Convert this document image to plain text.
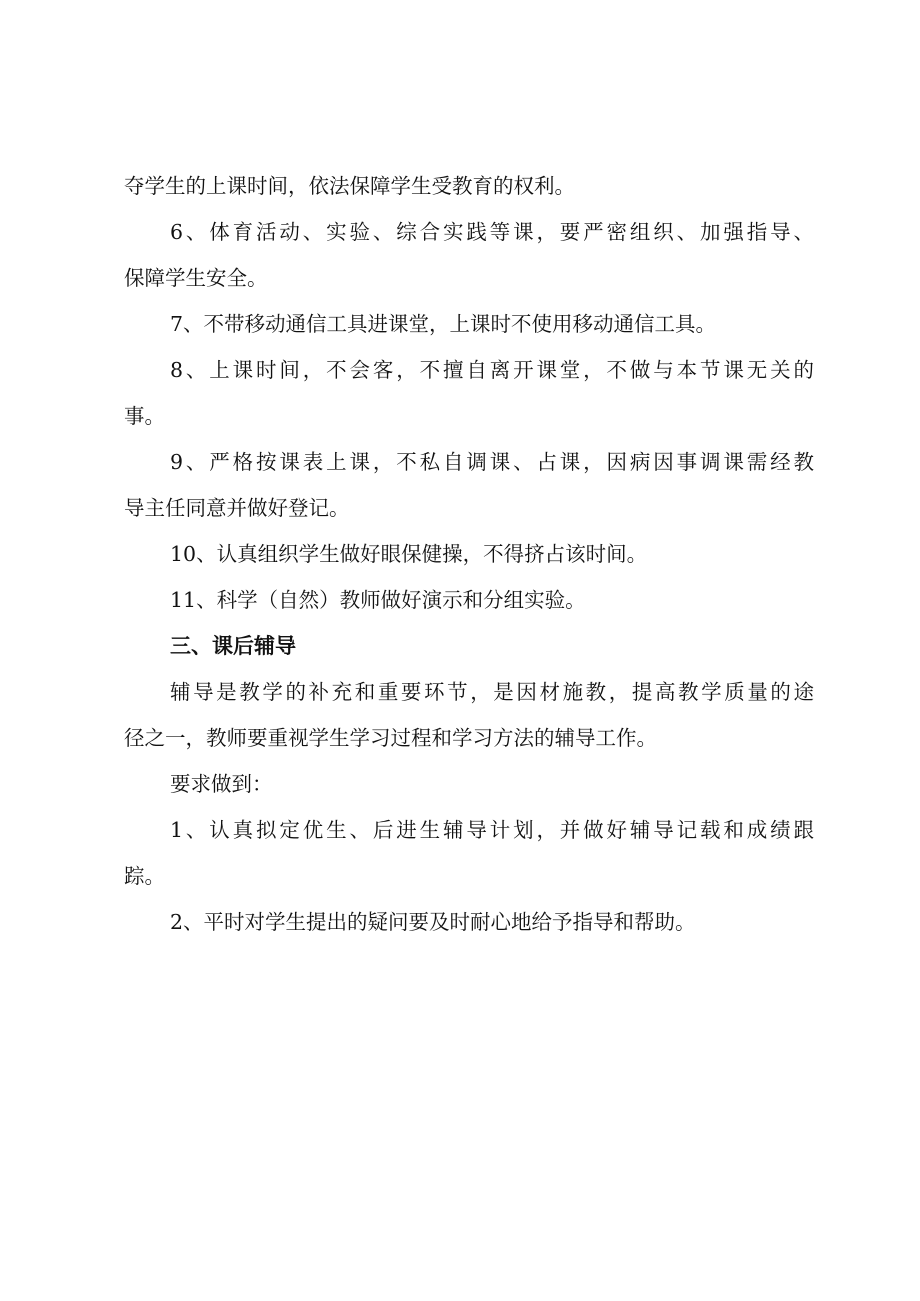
夺学生的上课时间，依法保障学生受教育的权利。
6、体育活动、实验、综合实践等课，要严密组织、加强指导、
保障学生安全。
7、不带移动通信工具进课堂，上课时不使用移动通信工具。
8、上课时间，不会客，不擅自离开课堂，不做与本节课无关的
事。
9、严格按课表上课，不私自调课、占课，因病因事调课需经教
导主任同意并做好登记。
10、认真组织学生做好眼保健操，不得挤占该时间。
11、科学（自然）教师做好演示和分组实验。
三、课后辅导
辅导是教学的补充和重要环节，是因材施教，提高教学质量的途
径之一，教师要重视学生学习过程和学习方法的辅导工作。
要求做到：
1、认真拟定优生、后进生辅导计划，并做好辅导记载和成绩跟
踪。
2、平时对学生提出的疑问要及时耐心地给予指导和帮助。
